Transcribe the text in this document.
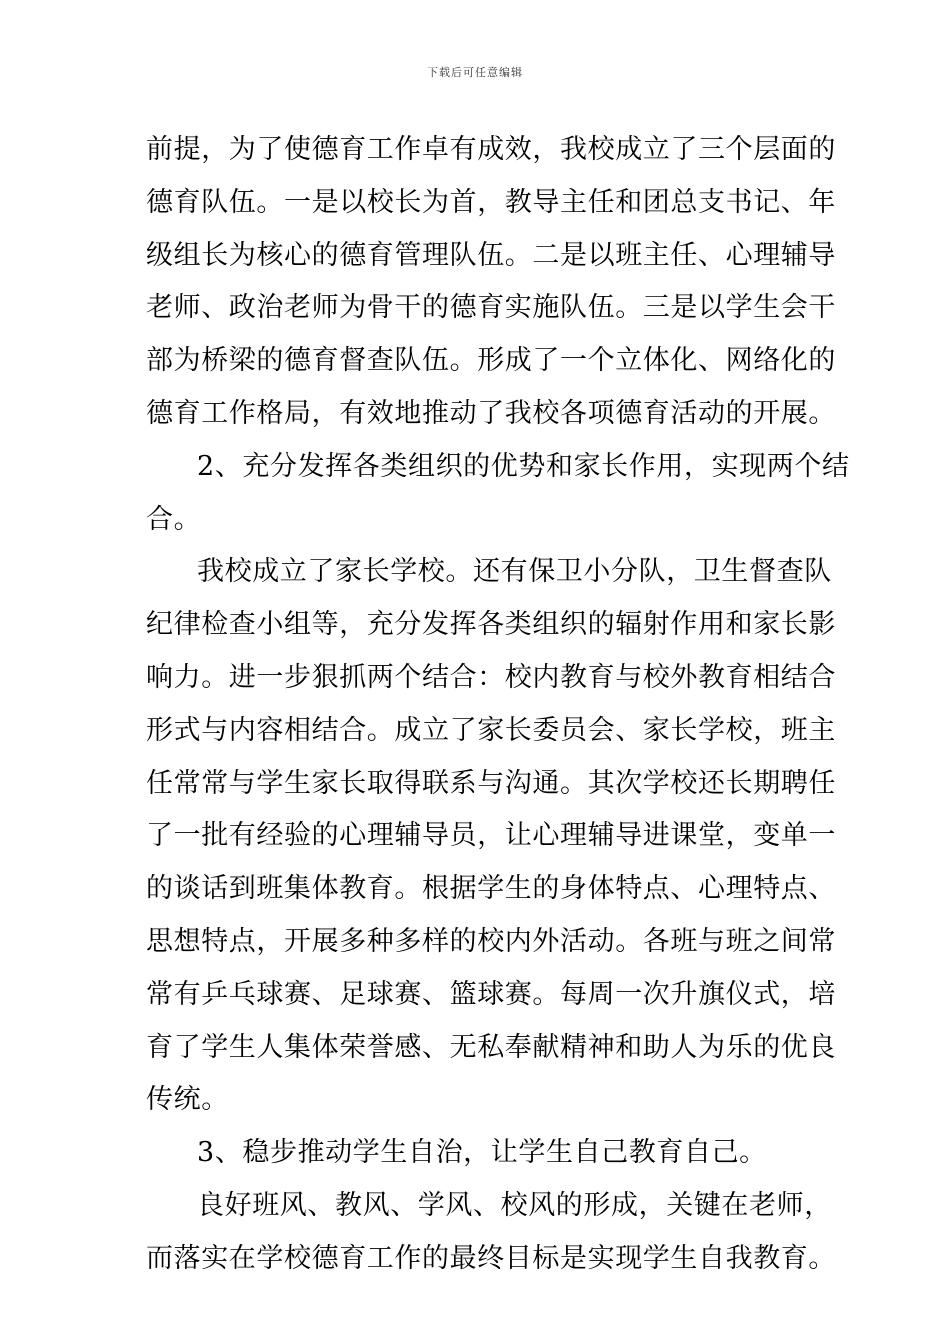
下载后可任意编辑
前提，为了使德育工作卓有成效，我校成立了三个层面的
德育队伍。一是以校长为首，教导主任和团总支书记、年
级组长为核心的德育管理队伍。二是以班主任、心理辅导
老师、政治老师为骨干的德育实施队伍。三是以学生会干
部为桥梁的德育督查队伍。形成了一个立体化、网络化的
德育工作格局，有效地推动了我校各项德育活动的开展。
2、充分发挥各类组织的优势和家长作用，实现两个结
合。
我校成立了家长学校。还有保卫小分队，卫生督查队
纪律检查小组等，充分发挥各类组织的辐射作用和家长影
响力。进一步狠抓两个结合：校内教育与校外教育相结合
形式与内容相结合。成立了家长委员会、家长学校，班主
任常常与学生家长取得联系与沟通。其次学校还长期聘任
了一批有经验的心理辅导员，让心理辅导进课堂，变单一
的谈话到班集体教育。根据学生的身体特点、心理特点、
思想特点，开展多种多样的校内外活动。各班与班之间常
常有乒乓球赛、足球赛、篮球赛。每周一次升旗仪式，培
育了学生人集体荣誉感、无私奉献精神和助人为乐的优良
传统。
3、稳步推动学生自治，让学生自己教育自己。
良好班风、教风、学风、校风的形成，关键在老师，
而落实在学校德育工作的最终目标是实现学生自我教育。
